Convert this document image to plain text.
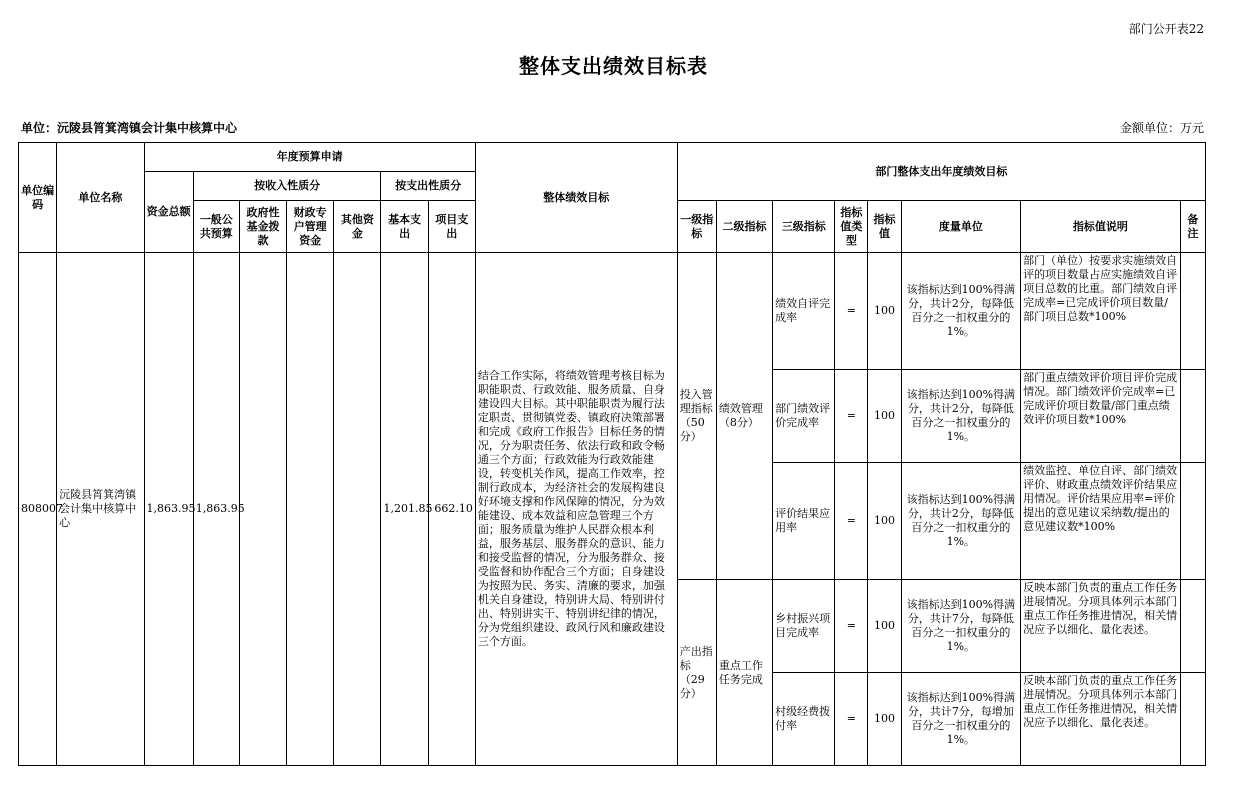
部门公开表22
整体支出绩效目标表
单位：沅陵县筲箕湾镇会计集中核算中心	金额单位：万元
单位编码	单位名称	年度预算申请							整体绩效目标	部门整体支出年度绩效目标							
		资金总额	按收入性质分				按支出性质分										
			一般公共预算	政府性基金拨款	财政专户管理资金	其他资金	基本支出	项目支出		一级指标	二级指标	三级指标	指标值类型	指标值	度量单位	指标值说明	备注
808007	沅陵县筲箕湾镇会计集中核算中心	1,863.95	1,863.95				1,201.85	662.10	结合工作实际，将绩效管理考核目标为职能职责、行政效能、服务质量、自身建设四大目标。其中职能职责为履行法定职责、贯彻镇党委、镇政府决策部署和完成《政府工作报告》目标任务的情况，分为职责任务、依法行政和政令畅通三个方面；行政效能为行政效能建设，转变机关作风，提高工作效率，控制行政成本，为经济社会的发展构建良好环境支撑和作风保障的情况，分为效能建设、成本效益和应急管理三个方面；服务质量为维护人民群众根本利益，服务基层、服务群众的意识、能力和接受监督的情况，分为服务群众、接受监督和协作配合三个方面；自身建设为按照为民、务实、清廉的要求，加强机关自身建设，特别讲大局、特别讲付出、特别讲实干、特别讲纪律的情况，分为党组织建设、政风行风和廉政建设三个方面。	投入管理指标（50分）	绩效管理（8分）	绩效自评完成率	=	100	该指标达到100%得满分，共计2分，每降低百分之一扣权重分的1%。	部门（单位）按要求实施绩效自评的项目数量占应实施绩效自评项目总数的比重。部门绩效自评完成率=已完成评价项目数量/部门项目总数*100%	

												部门绩效评价完成率	=	100	该指标达到100%得满分，共计2分，每降低百分之一扣权重分的1%。	部门重点绩效评价项目评价完成情况。部门绩效评价完成率=已完成评价项目数量/部门重点绩效评价项目数*100%	

												评价结果应用率	=	100	该指标达到100%得满分，共计2分，每降低百分之一扣权重分的1%。	绩效监控、单位自评、部门绩效评价、财政重点绩效评价结果应用情况。评价结果应用率=评价提出的意见建议采纳数/提出的意见建议数*100%	

										产出指标（29分）	重点工作任务完成	乡村振兴项目完成率	=	100	该指标达到100%得满分，共计7分，每降低百分之一扣权重分的1%。	反映本部门负责的重点工作任务进展情况。分项具体列示本部门重点工作任务推进情况，相关情况应予以细化、量化表述。	

												村级经费拨付率	=	100	该指标达到100%得满分，共计7分，每增加百分之一扣权重分的1%。	反映本部门负责的重点工作任务进展情况。分项具体列示本部门重点工作任务推进情况，相关情况应予以细化、量化表述。	
